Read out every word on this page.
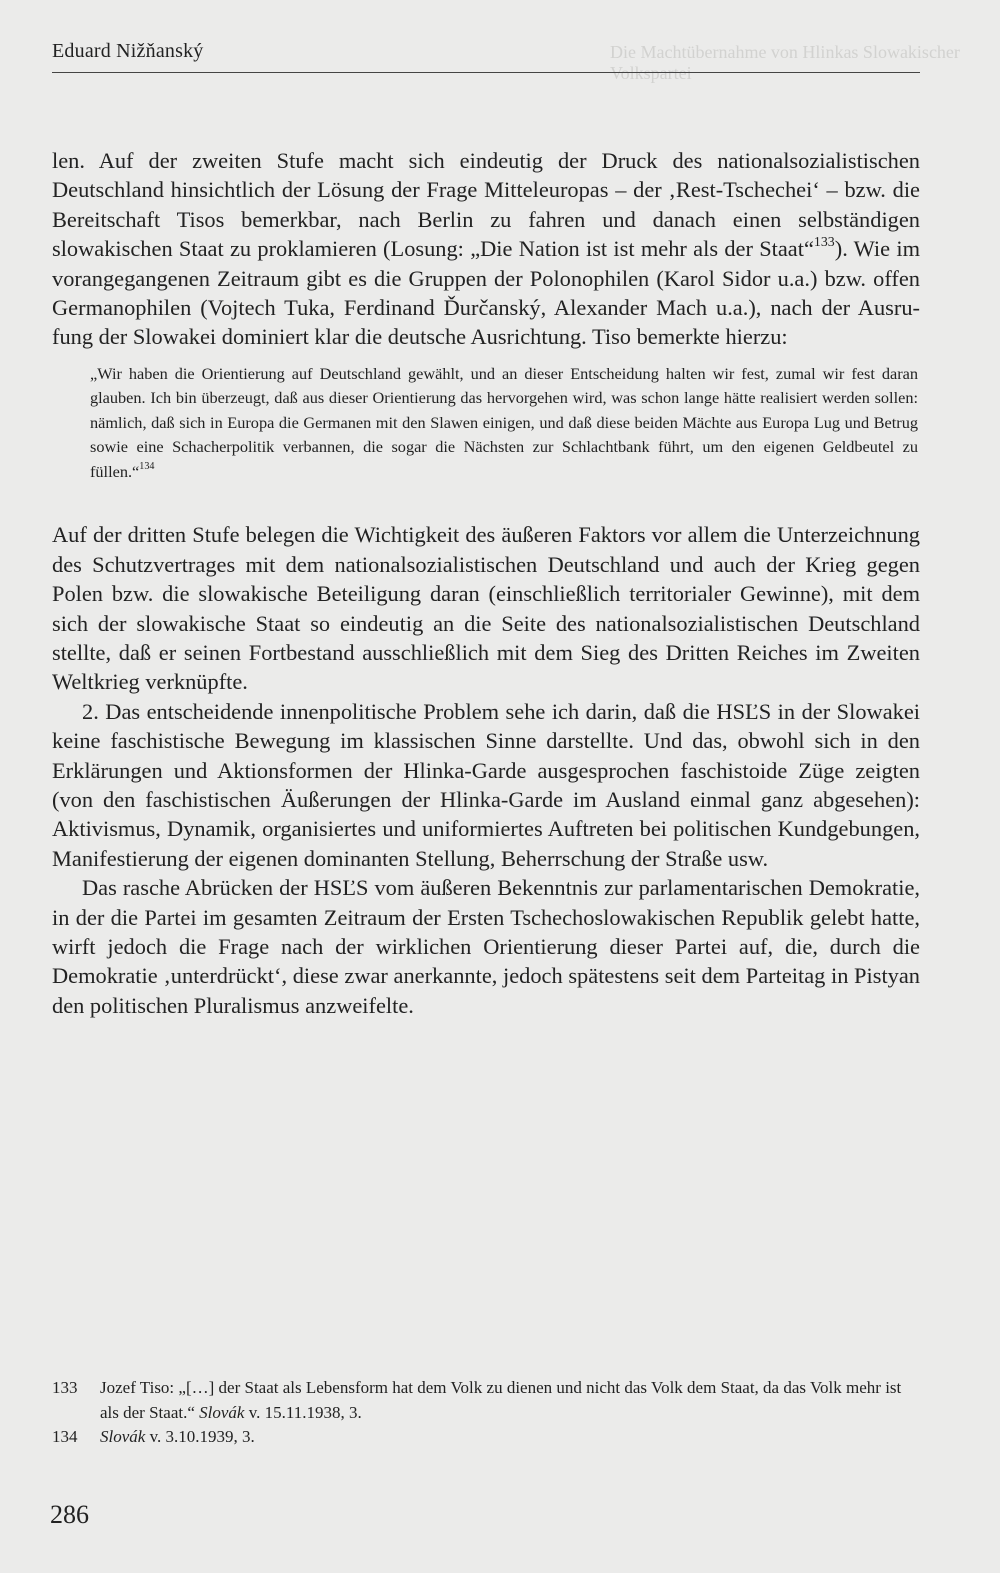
Eduard Nižňanský	Die Machtübernahme von Hlinkas Slowakischer Volkspartei

len. Auf der zweiten Stufe macht sich eindeutig der Druck des nationalsozialistischen Deutschland hinsichtlich der Lösung der Frage Mitteleuropas – der ‚Rest-Tschechei‘ – bzw. die Bereitschaft Tisos bemerkbar, nach Berlin zu fahren und danach einen selbständigen slowakischen Staat zu proklamieren (Losung: „Die Nation ist ist mehr als der Staat“$^{133}$). Wie im vorangegangenen Zeitraum gibt es die Gruppen der Polonophilen (Karol Sidor u.a.) bzw. offen Germanophilen (Vojtech Tuka, Ferdinand Ďurčanský, Alexander Mach u.a.), nach der Ausrufung der Slowakei dominiert klar die deutsche Ausrichtung. Tiso bemerkte hierzu:

„Wir haben die Orientierung auf Deutschland gewählt, und an dieser Entscheidung halten wir fest, zumal wir fest daran glauben. Ich bin überzeugt, daß aus dieser Orientierung das hervorgehen wird, was schon lange hätte realisiert werden sollen: nämlich, daß sich in Europa die Germanen mit den Slawen einigen, und daß diese beiden Mächte aus Europa Lug und Betrug sowie eine Schacherpolitik verbannen, die sogar die Nächsten zur Schlachtbank führt, um den eigenen Geldbeutel zu füllen.“$^{134}$

Auf der dritten Stufe belegen die Wichtigkeit des äußeren Faktors vor allem die Unterzeichnung des Schutzvertrages mit dem nationalsozialistischen Deutschland und auch der Krieg gegen Polen bzw. die slowakische Beteiligung daran (einschließlich territorialer Gewinne), mit dem sich der slowakische Staat so eindeutig an die Seite des nationalsozialistischen Deutschland stellte, daß er seinen Fortbestand ausschließlich mit dem Sieg des Dritten Reiches im Zweiten Weltkrieg verknüpfte.

2. Das entscheidende innenpolitische Problem sehe ich darin, daß die HSĽS in der Slowakei keine faschistische Bewegung im klassischen Sinne darstellte. Und das, obwohl sich in den Erklärungen und Aktionsformen der Hlinka-Garde ausgesprochen faschistoide Züge zeigten (von den faschistischen Äußerungen der Hlinka-Garde im Ausland einmal ganz abgesehen): Aktivismus, Dynamik, organisiertes und uniformiertes Auftreten bei politischen Kundgebungen, Manifestierung der eigenen dominanten Stellung, Beherrschung der Straße usw.

Das rasche Abrücken der HSĽS vom äußeren Bekenntnis zur parlamentarischen Demokratie, in der die Partei im gesamten Zeitraum der Ersten Tschechoslowakischen Republik gelebt hatte, wirft jedoch die Frage nach der wirklichen Orientierung dieser Partei auf, die, durch die Demokratie ‚unterdrückt‘, diese zwar anerkannte, jedoch spätestens seit dem Parteitag in Pistyan den politischen Pluralismus anzweifelte.

133	Jozef Tiso: „[…] der Staat als Lebensform hat dem Volk zu dienen und nicht das Volk dem Staat, da das Volk mehr ist als der Staat.“ Slovák v. 15.11.1938, 3.
134	Slovák v. 3.10.1939, 3.
286
